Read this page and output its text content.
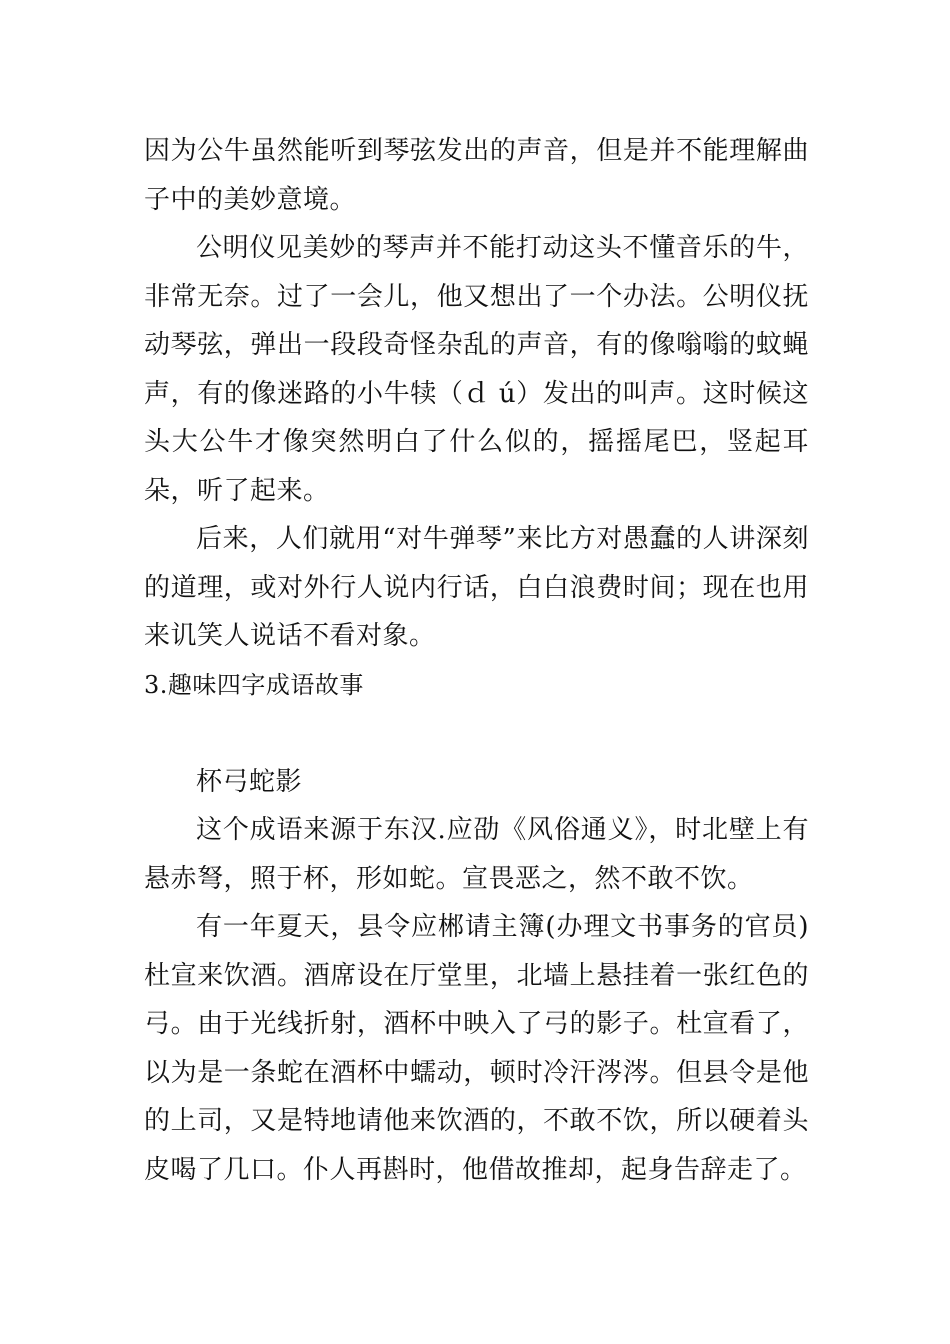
因为公牛虽然能听到琴弦发出的声音，但是并不能理解曲子中的美妙意境。

公明仪见美妙的琴声并不能打动这头不懂音乐的牛，非常无奈。过了一会儿，他又想出了一个办法。公明仪抚动琴弦，弹出一段段奇怪杂乱的声音，有的像嗡嗡的蚊蝇声，有的像迷路的小牛犊（ｄ ú）发出的叫声。这时候这头大公牛才像突然明白了什么似的，摇摇尾巴，竖起耳朵，听了起来。

后来，人们就用“对牛弹琴”来比方对愚蠢的人讲深刻的道理，或对外行人说内行话，白白浪费时间；现在也用来讥笑人说话不看对象。

3.趣味四字成语故事

杯弓蛇影

这个成语来源于东汉.应劭《风俗通义》，时北壁上有悬赤弩，照于杯，形如蛇。宣畏恶之，然不敢不饮。

有一年夏天，县令应郴请主簿(办理文书事务的官员)杜宣来饮酒。酒席设在厅堂里，北墙上悬挂着一张红色的弓。由于光线折射，酒杯中映入了弓的影子。杜宣看了，以为是一条蛇在酒杯中蠕动，顿时冷汗涔涔。但县令是他的上司，又是特地请他来饮酒的，不敢不饮，所以硬着头皮喝了几口。仆人再斟时，他借故推却，起身告辞走了。
